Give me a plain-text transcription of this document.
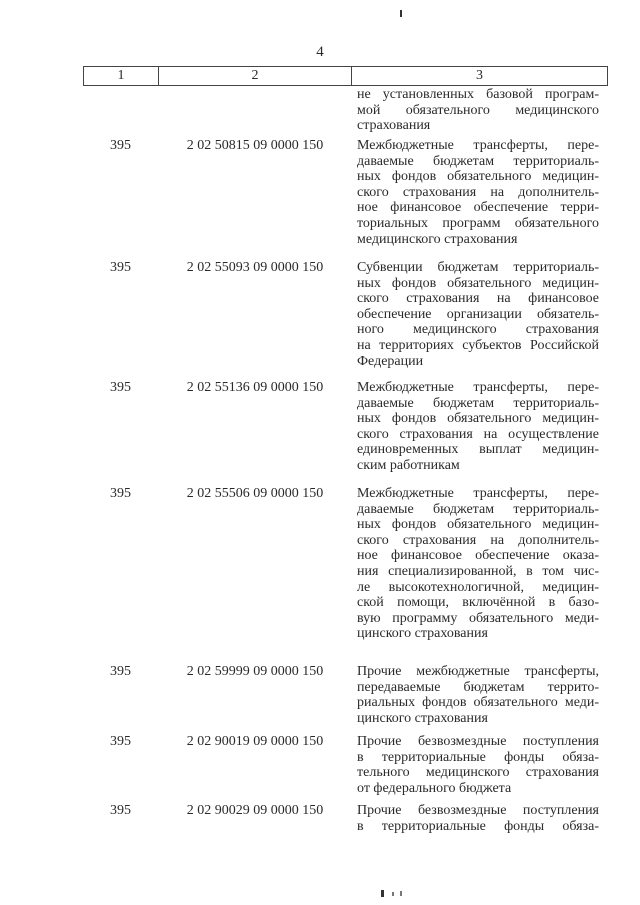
4
1	2	3
не установленных базовой програм-
мой обязательного медицинского
страхования
395	2 02 50815 09 0000 150	Межбюджетные трансферты, пере-
даваемые бюджетам территориаль-
ных фондов обязательного медицин-
ского страхования на дополнитель-
ное финансовое обеспечение терри-
ториальных программ обязательного
медицинского страхования
395	2 02 55093 09 0000 150	Субвенции бюджетам территориаль-
ных фондов обязательного медицин-
ского страхования на финансовое
обеспечение организации обязатель-
ного медицинского страхования
на территориях субъектов Российской
Федерации
395	2 02 55136 09 0000 150	Межбюджетные трансферты, пере-
даваемые бюджетам территориаль-
ных фондов обязательного медицин-
ского страхования на осуществление
единовременных выплат медицин-
ским работникам
395	2 02 55506 09 0000 150	Межбюджетные трансферты, пере-
даваемые бюджетам территориаль-
ных фондов обязательного медицин-
ского страхования на дополнитель-
ное финансовое обеспечение оказа-
ния специализированной, в том чис-
ле высокотехнологичной, медицин-
ской помощи, включённой в базо-
вую программу обязательного меди-
цинского страхования
395	2 02 59999 09 0000 150	Прочие межбюджетные трансферты,
передаваемые бюджетам террито-
риальных фондов обязательного меди-
цинского страхования
395	2 02 90019 09 0000 150	Прочие безвозмездные поступления
в территориальные фонды обяза-
тельного медицинского страхования
от федерального бюджета
395	2 02 90029 09 0000 150	Прочие безвозмездные поступления
в территориальные фонды обяза-
